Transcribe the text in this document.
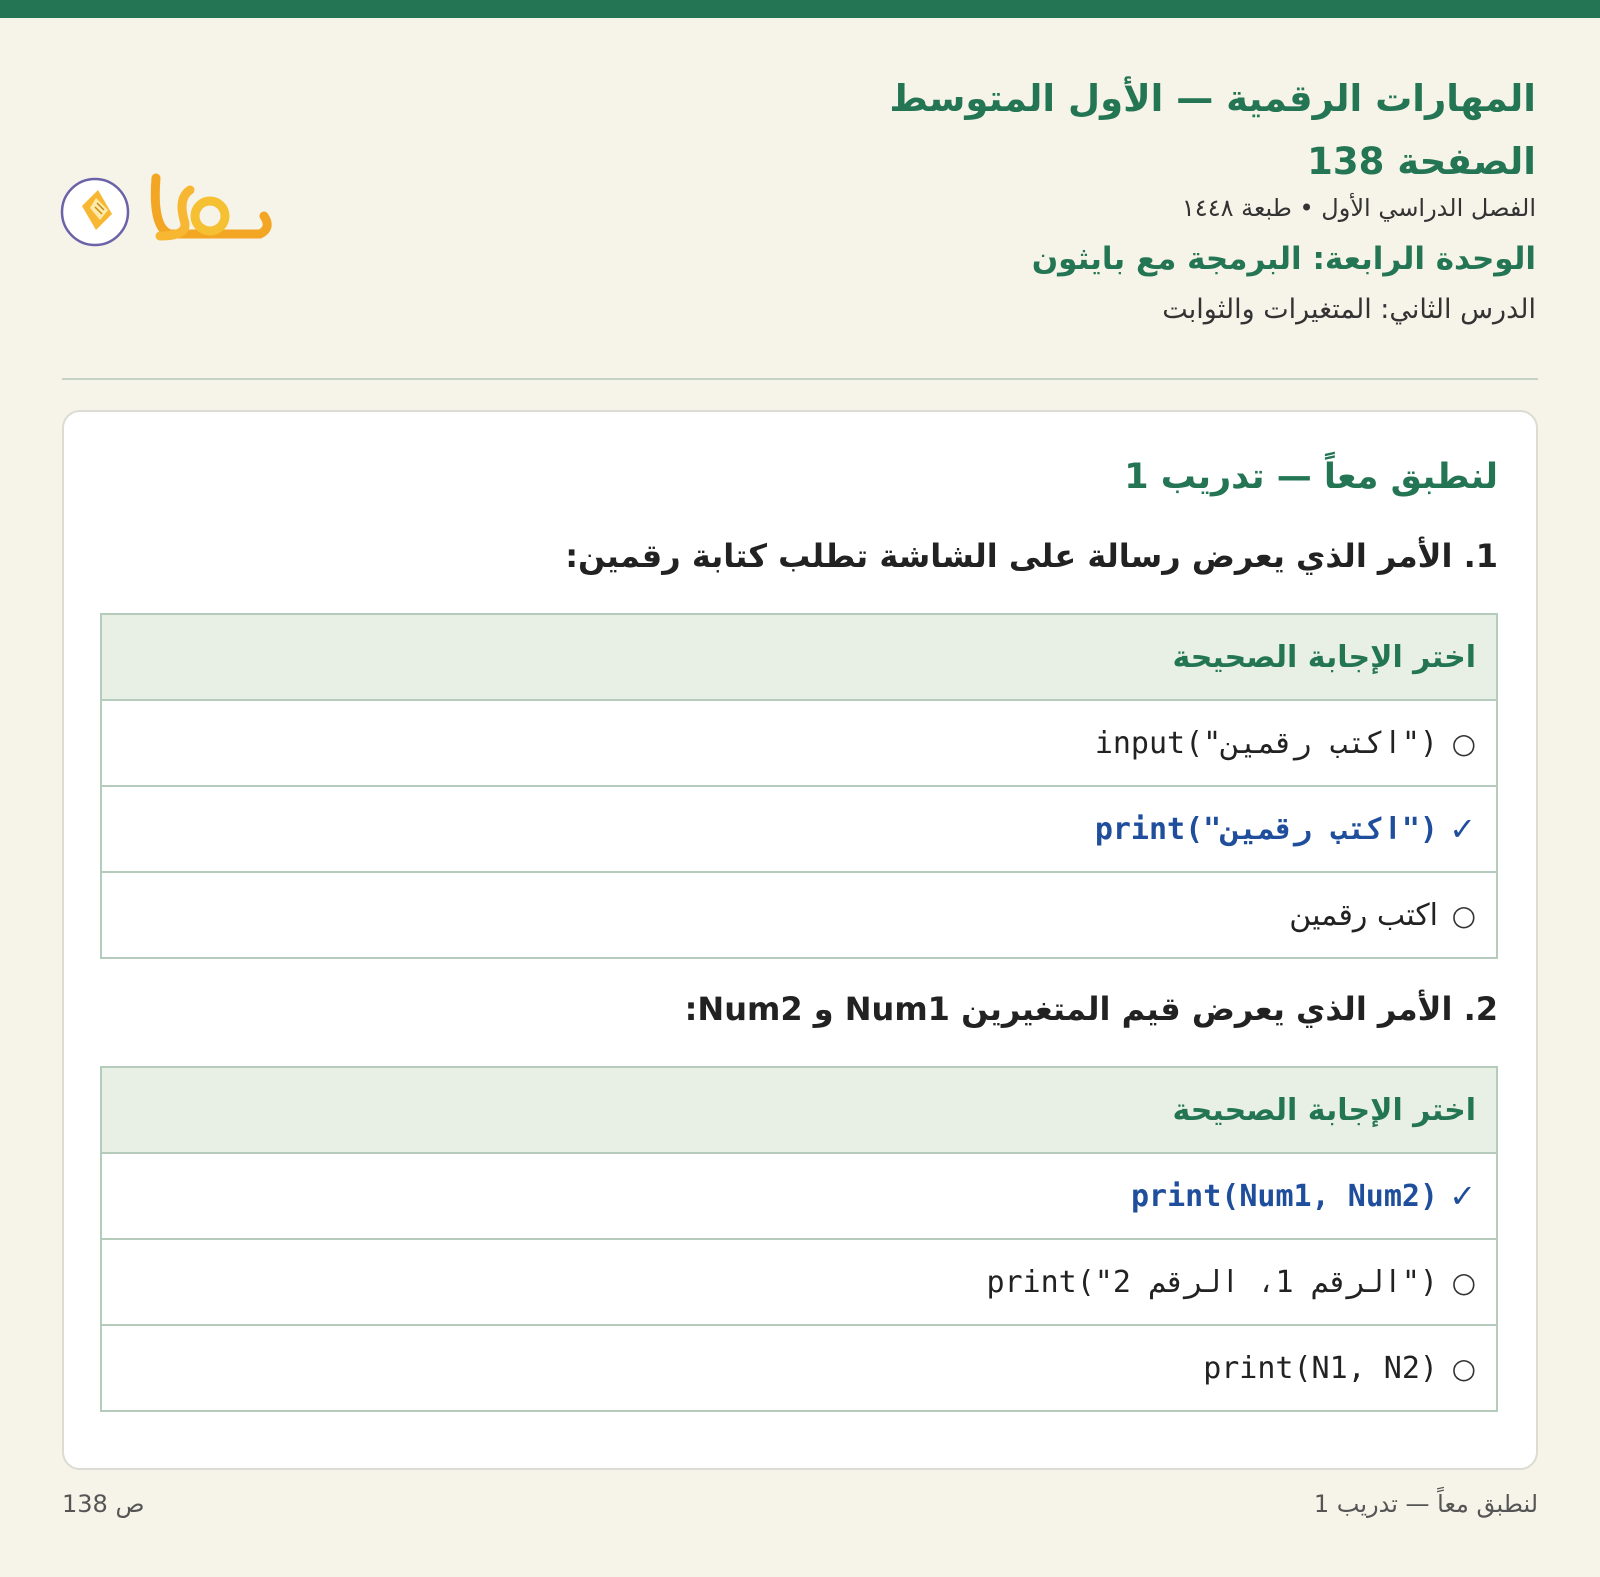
المهارات الرقمية — الأول المتوسط
الصفحة 138
الفصل الدراسي الأول • طبعة ١٤٤٨
الوحدة الرابعة: البرمجة مع بايثون
الدرس الثاني: المتغيرات والثوابت
لنطبق معاً — تدريب 1
1. الأمر الذي يعرض رسالة على الشاشة تطلب كتابة رقمين:
اختر الإجابة الصحيحة
○
input("اكتب رقمين")
✓
print("اكتب رقمين")
○
اكتب رقمين
2. الأمر الذي يعرض قيم المتغيرين Num1 و Num2:
اختر الإجابة الصحيحة
✓
print(Num1, Num2)
○
print("الرقم 1، الرقم 2")
○
print(N1, N2)
ص 138	لنطبق معاً — تدريب 1
